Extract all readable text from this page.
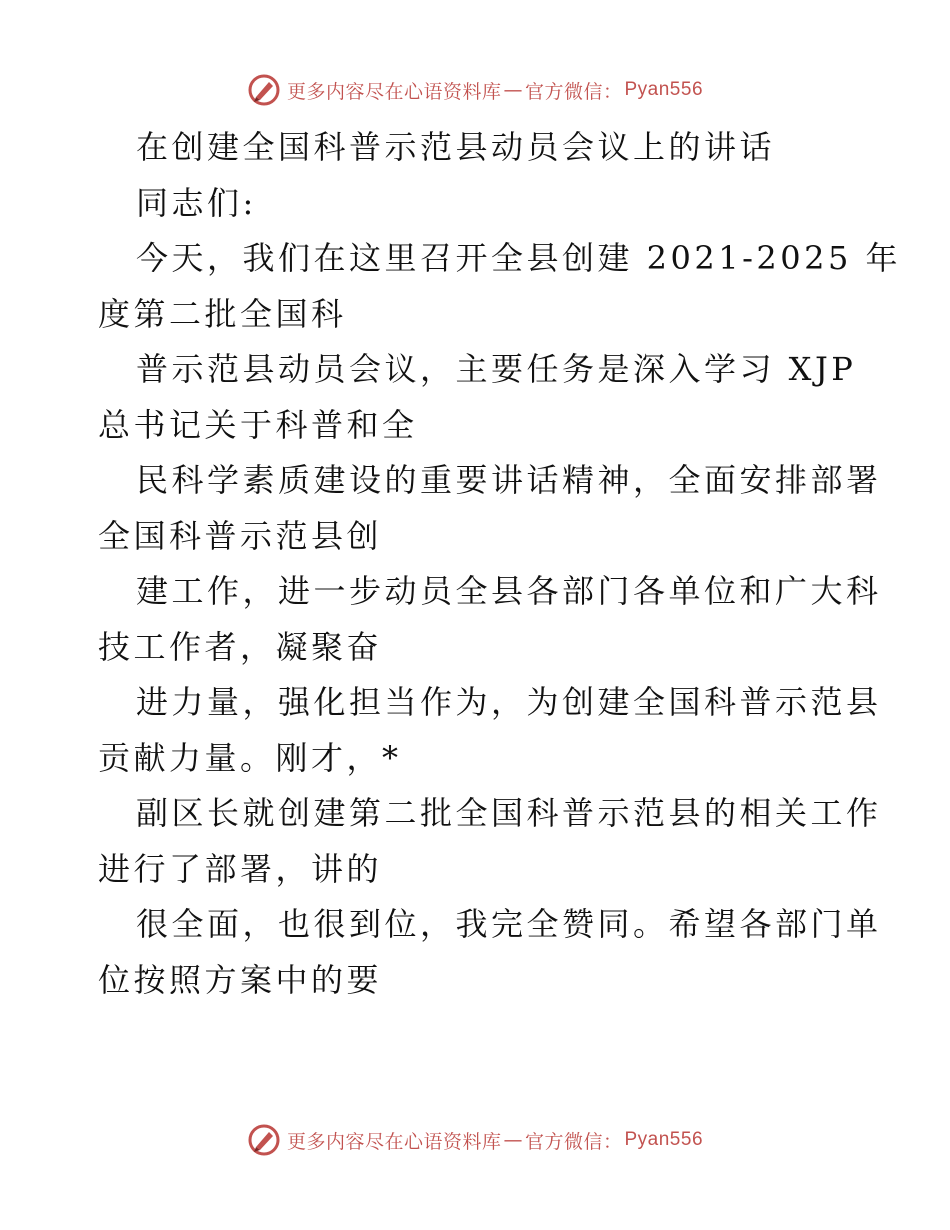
更多内容尽在心语资料库 — 官方微信： Pyan556
在创建全国科普示范县动员会议上的讲话
同志们:
今天，我们在这里召开全县创建 2021-2025 年
度第二批全国科
普示范县动员会议，主要任务是深入学习 XJP
总书记关于科普和全
民科学素质建设的重要讲话精神，全面安排部署
全国科普示范县创
建工作，进一步动员全县各部门各单位和广大科
技工作者，凝聚奋
进力量，强化担当作为，为创建全国科普示范县
贡献力量。刚才，*
副区长就创建第二批全国科普示范县的相关工作
进行了部署，讲的
很全面，也很到位，我完全赞同。希望各部门单
位按照方案中的要
更多内容尽在心语资料库 — 官方微信： Pyan556
